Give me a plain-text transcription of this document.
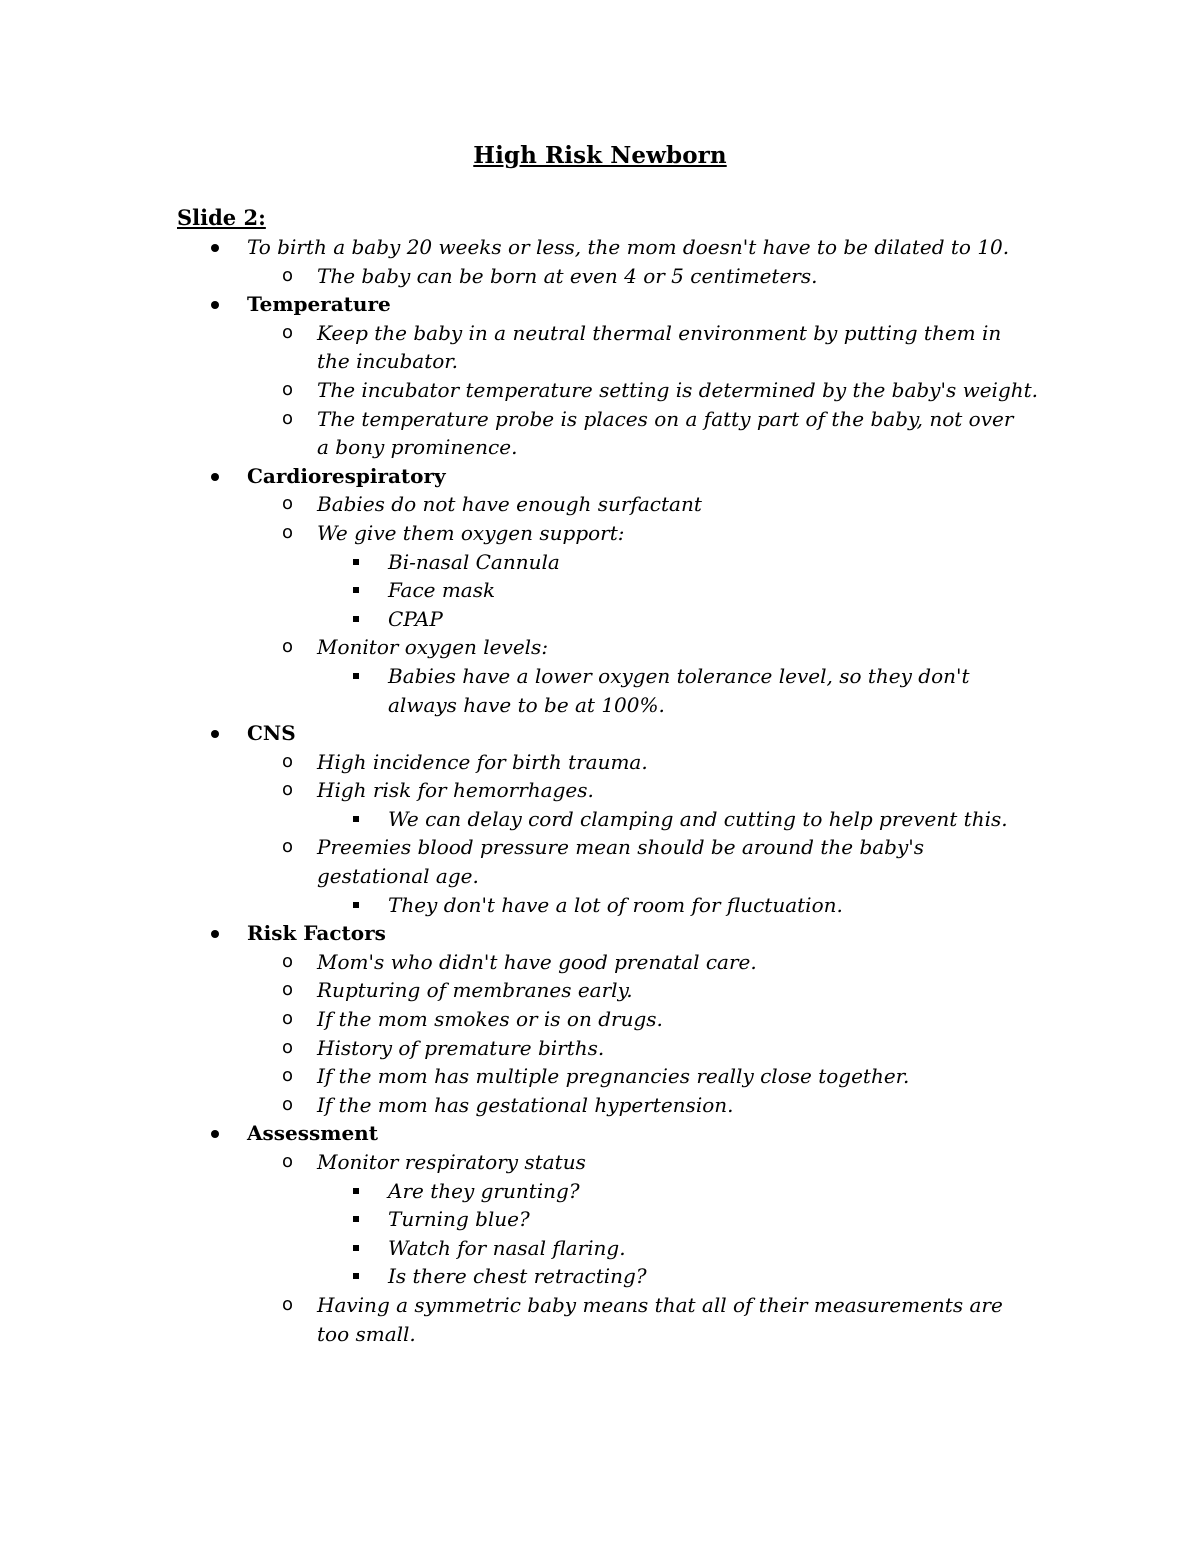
High Risk Newborn
Slide 2:
To birth a baby 20 weeks or less, the mom doesn't have to be dilated to 10.
o The baby can be born at even 4 or 5 centimeters.
Temperature
o Keep the baby in a neutral thermal environment by putting them in the incubator.
o The incubator temperature setting is determined by the baby's weight.
o The temperature probe is places on a fatty part of the baby, not over a bony prominence.
Cardiorespiratory
o Babies do not have enough surfactant
o We give them oxygen support:
Bi-nasal Cannula
Face mask
CPAP
o Monitor oxygen levels:
Babies have a lower oxygen tolerance level, so they don't always have to be at 100%.
CNS
o High incidence for birth trauma.
o High risk for hemorrhages.
We can delay cord clamping and cutting to help prevent this.
o Preemies blood pressure mean should be around the baby's gestational age.
They don't have a lot of room for fluctuation.
Risk Factors
o Mom's who didn't have good prenatal care.
o Rupturing of membranes early.
o If the mom smokes or is on drugs.
o History of premature births.
o If the mom has multiple pregnancies really close together.
o If the mom has gestational hypertension.
Assessment
o Monitor respiratory status
Are they grunting?
Turning blue?
Watch for nasal flaring.
Is there chest retracting?
o Having a symmetric baby means that all of their measurements are too small.
